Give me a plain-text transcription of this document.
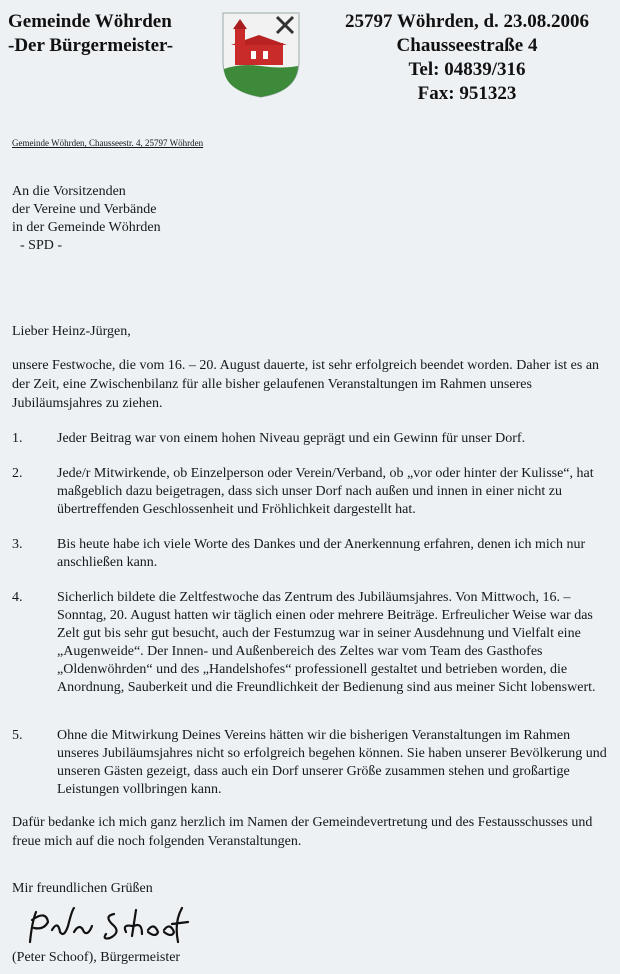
Gemeinde Wöhrden
-Der Bürgermeister-
25797 Wöhrden, d. 23.08.2006
Chausseestraße 4
Tel: 04839/316
Fax: 951323
Gemeinde Wöhrden, Chausseestr. 4, 25797 Wöhrden
An die Vorsitzenden
der Vereine und Verbände
in der Gemeinde Wöhrden
- SPD -
Lieber Heinz-Jürgen,
unsere Festwoche, die vom 16. – 20. August dauerte, ist sehr erfolgreich beendet worden. Daher ist es an der Zeit, eine Zwischenbilanz für alle bisher gelaufenen Veranstaltungen im Rahmen unseres Jubiläumsjahres zu ziehen.
1. Jeder Beitrag war von einem hohen Niveau geprägt und ein Gewinn für unser Dorf.
2. Jede/r Mitwirkende, ob Einzelperson oder Verein/Verband, ob „vor oder hinter der Kulisse“, hat maßgeblich dazu beigetragen, dass sich unser Dorf nach außen und innen in einer nicht zu übertreffenden Geschlossenheit und Fröhlichkeit dargestellt hat.
3. Bis heute habe ich viele Worte des Dankes und der Anerkennung erfahren, denen ich mich nur anschließen kann.
4. Sicherlich bildete die Zeltfestwoche das Zentrum des Jubiläumsjahres. Von Mittwoch, 16. – Sonntag, 20. August hatten wir täglich einen oder mehrere Beiträge. Erfreulicher Weise war das Zelt gut bis sehr gut besucht, auch der Festumzug war in seiner Ausdehnung und Vielfalt eine „Augenweide“. Der Innen- und Außenbereich des Zeltes war vom Team des Gasthofes „Oldenwöhrden“ und des „Handelshofes“ professionell gestaltet und betrieben worden, die Anordnung, Sauberkeit und die Freundlichkeit der Bedienung sind aus meiner Sicht lobenswert.
5. Ohne die Mitwirkung Deines Vereins hätten wir die bisherigen Veranstaltungen im Rahmen unseres Jubiläumsjahres nicht so erfolgreich begehen können. Sie haben unserer Bevölkerung und unseren Gästen gezeigt, dass auch ein Dorf unserer Größe zusammen stehen und großartige Leistungen vollbringen kann.
Dafür bedanke ich mich ganz herzlich im Namen der Gemeindevertretung und des Festausschusses und freue mich auf die noch folgenden Veranstaltungen.
Mir freundlichen Grüßen
(Peter Schoof), Bürgermeister
